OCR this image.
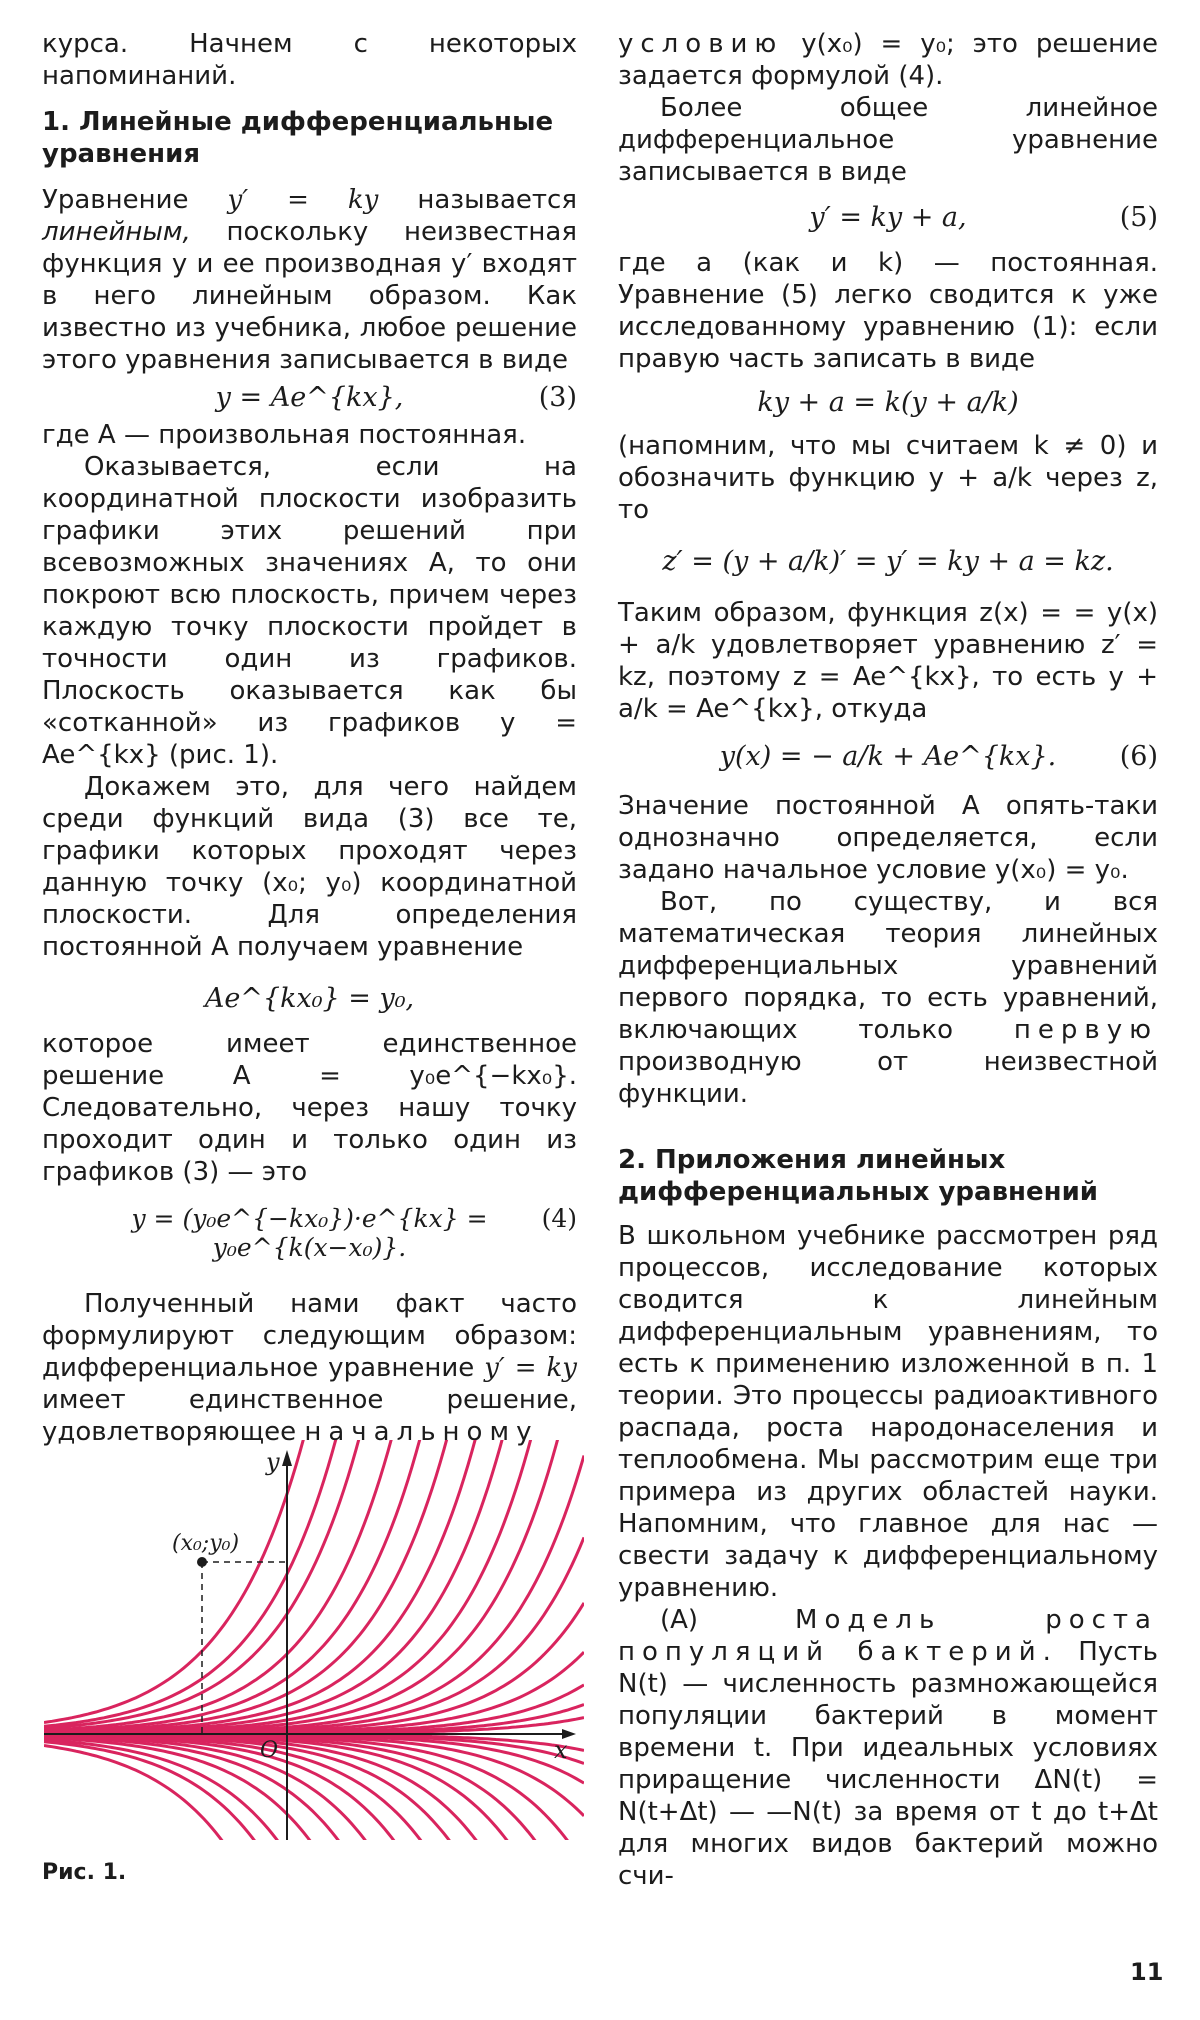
курса. Начнем с некоторых напоминаний.

1. Линейные дифференциальные уравнения

Уравнение y′ = ky называется линейным, поскольку неизвестная функция y и ее производная y′ входят в него линейным образом. Как известно из учебника, любое решение этого уравнения записывается в виде

y = Ae^{kx},	(3)

где A — произвольная постоянная.

Оказывается, если на координатной плоскости изобразить графики этих решений при всевозможных значениях A, то они покроют всю плоскость, причем через каждую точку плоскости пройдет в точности один из графиков. Плоскость оказывается как бы «сотканной» из графиков y = Ae^{kx} (рис. 1).

Докажем это, для чего найдем среди функций вида (3) все те, графики которых проходят через данную точку (x₀; y₀) координатной плоскости. Для определения постоянной A получаем уравнение

Ae^{kx₀} = y₀,

которое имеет единственное решение A = y₀e^{−kx₀}. Следовательно, через нашу точку проходит один и только один из графиков (3) — это

y = (y₀e^{−kx₀})·e^{kx} = y₀e^{k(x−x₀)}.
(4)

Полученный нами факт часто формулируют следующим образом: дифференциальное уравнение y′ = ky имеет единственное решение, удовлетворяющее начальному

условию y(x₀) = y₀; это решение задается формулой (4).

Более общее линейное дифференциальное уравнение записывается в виде

y′ = ky + a,	(5)

где a (как и k) — постоянная. Уравнение (5) легко сводится к уже исследованному уравнению (1): если правую часть записать в виде

ky + a = k(y + a/k)

(напомним, что мы считаем k ≠ 0) и обозначить функцию y + a/k через z, то

z′ = (y + a/k)′ = y′ = ky + a = kz.

Таким образом, функция z(x) = = y(x) + a/k удовлетворяет уравнению z′ = kz, поэтому z = Ae^{kx}, то есть y + a/k = Ae^{kx}, откуда

y(x) = − a/k + Ae^{kx}. (6)

Значение постоянной A опять-таки однозначно определяется, если задано начальное условие y(x₀) = y₀.

Вот, по существу, и вся математическая теория линейных дифференциальных уравнений первого порядка, то есть уравнений, включающих только первую производную от неизвестной функции.

2. Приложения линейных дифференциальных уравнений

В школьном учебнике рассмотрен ряд процессов, исследование которых сводится к линейным дифференциальным уравнениям, то есть к применению изложенной в п. 1 теории. Это процессы радиоактивного распада, роста народонаселения и теплообмена. Мы рассмотрим еще три примера из других областей науки. Напомним, что главное для нас — свести задачу к дифференциальному уравнению.

(A)	Модель роста популяций бактерий. Пусть N(t) — численность размножающейся популяции бактерий в момент времени t. При идеальных условиях приращение численности ΔN(t) = N(t+Δt) — —N(t) за время от t до t+Δt для многих видов бактерий можно счи-

y
x
O
(x₀;y₀)

Рис. 1.

11
